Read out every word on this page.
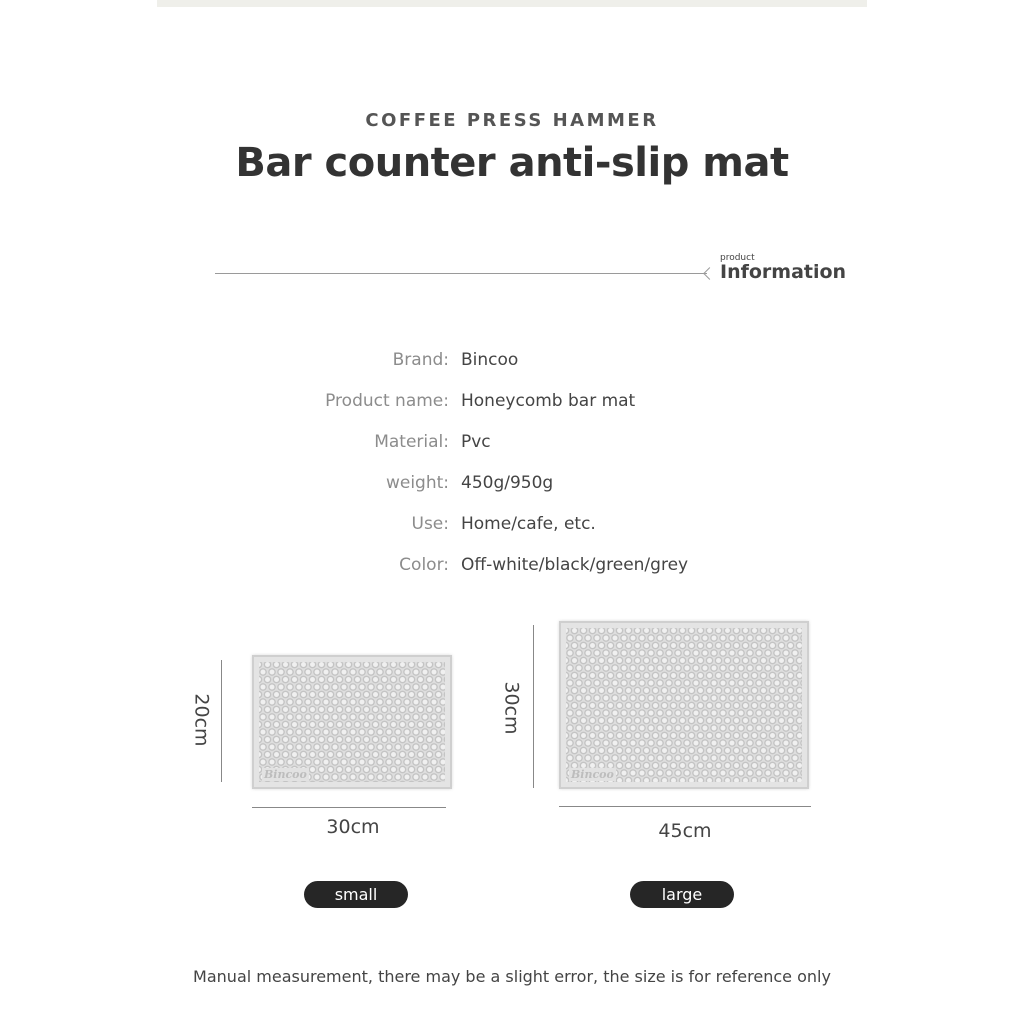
COFFEE PRESS HAMMER
Bar counter anti-slip mat
product
Information
Brand: Bincoo
Product name: Honeycomb bar mat
Material: Pvc
weight: 450g/950g
Use: Home/cafe, etc.
Color: Off-white/black/green/grey
20cm
Bincoo
30cm
small
30cm
Bincoo
45cm
large
Manual measurement, there may be a slight error, the size is for reference only
